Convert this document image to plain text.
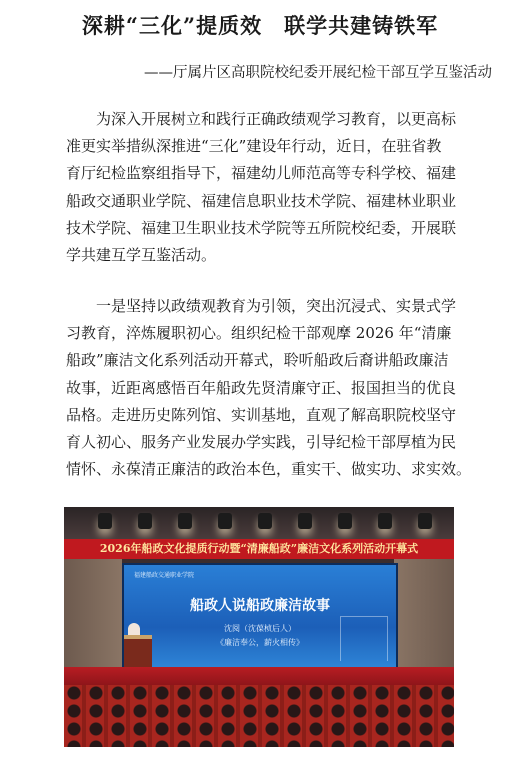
深耕“三化”提质效　联学共建铸铁军
——厅属片区高职院校纪委开展纪检干部互学互鉴活动
为深入开展树立和践行正确政绩观学习教育，以更高标
准更实举措纵深推进“三化”建设年行动，近日，在驻省教
育厅纪检监察组指导下，福建幼儿师范高等专科学校、福建
船政交通职业学院、福建信息职业技术学院、福建林业职业
技术学院、福建卫生职业技术学院等五所院校纪委，开展联
学共建互学互鉴活动。
一是坚持以政绩观教育为引领，突出沉浸式、实景式学
习教育，淬炼履职初心。组织纪检干部观摩 2026 年“清廉
船政”廉洁文化系列活动开幕式，聆听船政后裔讲船政廉洁
故事，近距离感悟百年船政先贤清廉守正、报国担当的优良
品格。走进历史陈列馆、实训基地，直观了解高职院校坚守
育人初心、服务产业发展办学实践，引导纪检干部厚植为民
情怀、永葆清正廉洁的政治本色，重实干、做实功、求实效。
2026年船政文化提质行动暨“清廉船政”廉洁文化系列活动开幕式
福建船政交通职业学院
船政人说船政廉洁故事
沈阅（沈葆桢后人）
《廉洁奉公，薪火相传》
